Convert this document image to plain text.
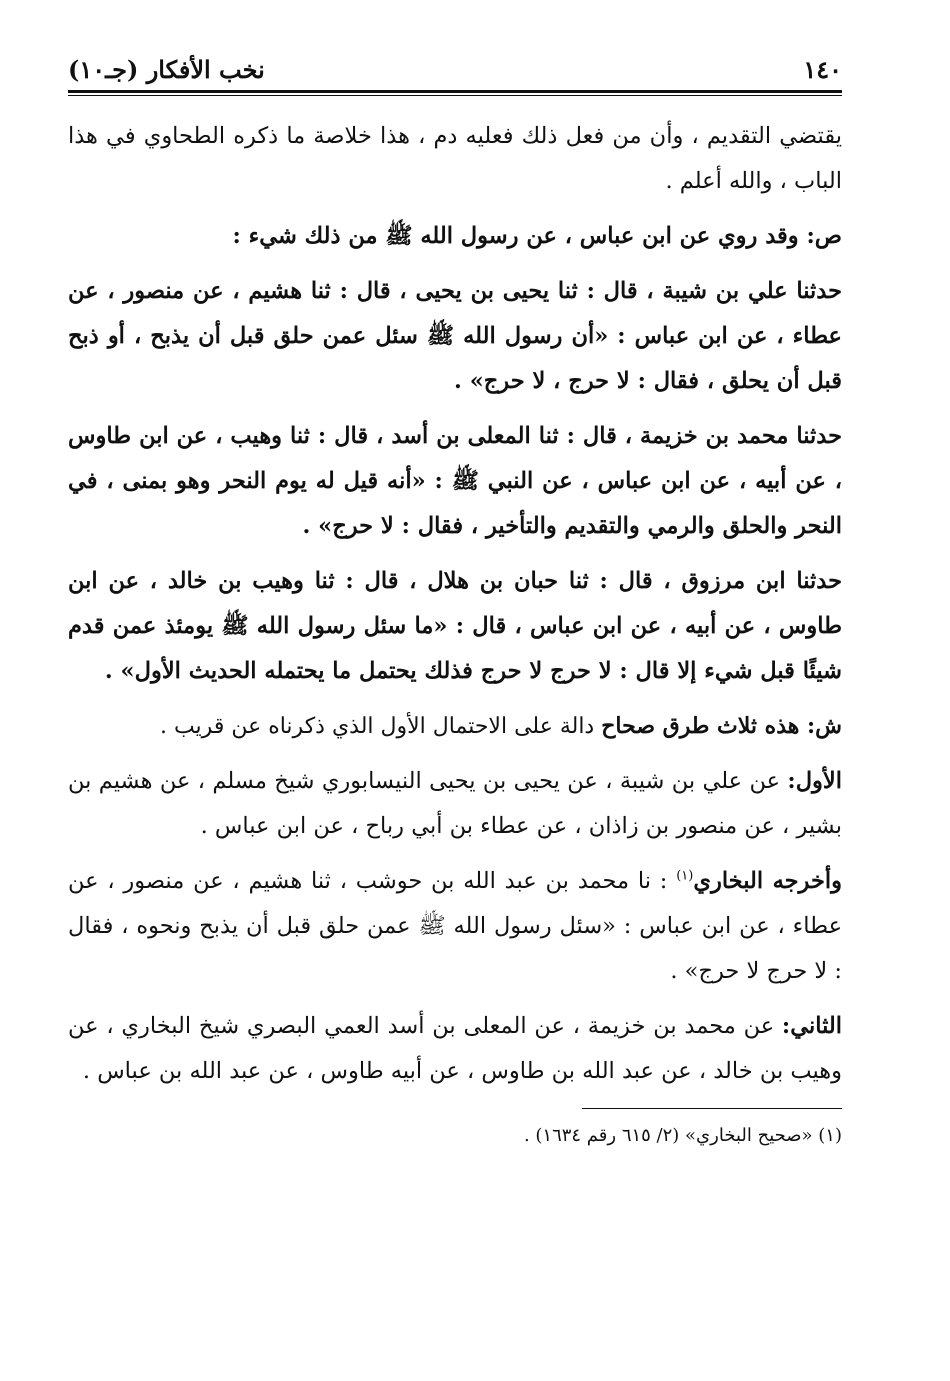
١٤٠
نخب الأفكار (جـ١٠)

يقتضي التقديم ، وأن من فعل ذلك فعليه دم ، هذا خلاصة ما ذكره الطحاوي في هذا الباب ، والله أعلم .

ص: وقد روي عن ابن عباس ، عن رسول الله ﷺ من ذلك شيء :

حدثنا علي بن شيبة ، قال : ثنا يحيى بن يحيى ، قال : ثنا هشيم ، عن منصور ، عن عطاء ، عن ابن عباس : «أن رسول الله ﷺ سئل عمن حلق قبل أن يذبح ، أو ذبح قبل أن يحلق ، فقال : لا حرج ، لا حرج» .

حدثنا محمد بن خزيمة ، قال : ثنا المعلى بن أسد ، قال : ثنا وهيب ، عن ابن طاوس ، عن أبيه ، عن ابن عباس ، عن النبي ﷺ : «أنه قيل له يوم النحر وهو بمنى ، في النحر والحلق والرمي والتقديم والتأخير ، فقال : لا حرج» .

حدثنا ابن مرزوق ، قال : ثنا حبان بن هلال ، قال : ثنا وهيب بن خالد ، عن ابن طاوس ، عن أبيه ، عن ابن عباس ، قال : «ما سئل رسول الله ﷺ يومئذ عمن قدم شيئًا قبل شيء إلا قال : لا حرج لا حرج فذلك يحتمل ما يحتمله الحديث الأول» .

ش: هذه ثلاث طرق صحاح دالة على الاحتمال الأول الذي ذكرناه عن قريب .

الأول: عن علي بن شيبة ، عن يحيى بن يحيى النيسابوري شيخ مسلم ، عن هشيم بن بشير ، عن منصور بن زاذان ، عن عطاء بن أبي رباح ، عن ابن عباس .

وأخرجه البخاري$^{(١)}$ : نا محمد بن عبد الله بن حوشب ، ثنا هشيم ، عن منصور ، عن عطاء ، عن ابن عباس : «سئل رسول الله ﷺ عمن حلق قبل أن يذبح ونحوه ، فقال : لا حرج لا حرج» .

الثاني: عن محمد بن خزيمة ، عن المعلى بن أسد العمي البصري شيخ البخاري ، عن وهيب بن خالد ، عن عبد الله بن طاوس ، عن أبيه طاوس ، عن عبد الله بن عباس .

(١) «صحيح البخاري» (٢/ ٦١٥ رقم ١٦٣٤) .
